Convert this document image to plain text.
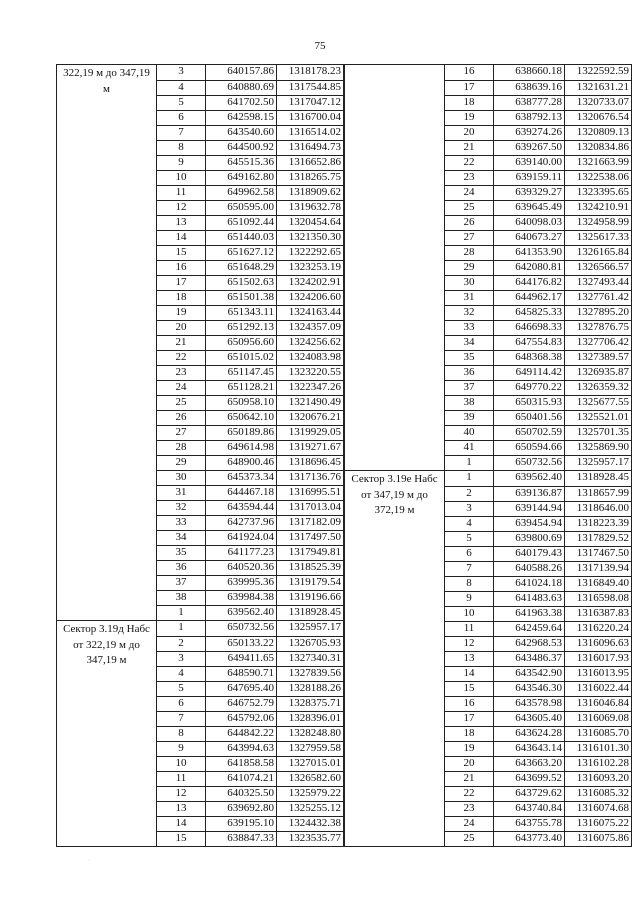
75
322,19 м до 347,19 м	3	640157.86	1318178.23
	4	640880.69	1317544.85
	5	641702.50	1317047.12
	6	642598.15	1316700.04
	7	643540.60	1316514.02
	8	644500.92	1316494.73
	9	645515.36	1316652.86
	10	649162.80	1318265.75
	11	649962.58	1318909.62
	12	650595.00	1319632.78
	13	651092.44	1320454.64
	14	651440.03	1321350.30
	15	651627.12	1322292.65
	16	651648.29	1323253.19
	17	651502.63	1324202.91
	18	651501.38	1324206.60
	19	651343.11	1324163.44
	20	651292.13	1324357.09
	21	650956.60	1324256.62
	22	651015.02	1324083.98
	23	651147.45	1323220.55
	24	651128.21	1322347.26
	25	650958.10	1321490.49
	26	650642.10	1320676.21
	27	650189.86	1319929.05
	28	649614.98	1319271.67
	29	648900.46	1318696.45
	30	645373.34	1317136.76
	31	644467.18	1316995.51
	32	643594.44	1317013.04
	33	642737.96	1317182.09
	34	641924.04	1317497.50
	35	641177.23	1317949.81
	36	640520.36	1318525.39
	37	639995.36	1319179.54
	38	639984.38	1319196.66
	1	639562.40	1318928.45

Сектор 3.19д Набс от 322,19 м до 347,19 м	1	650732.56	1325957.17
	2	650133.22	1326705.93
	3	649411.65	1327340.31
	4	648590.71	1327839.56
	5	647695.40	1328188.26
	6	646752.79	1328375.71
	7	645792.06	1328396.01
	8	644842.22	1328248.80
	9	643994.63	1327959.58
	10	641858.58	1327015.01
	11	641074.21	1326582.60
	12	640325.50	1325979.22
	13	639692.80	1325255.12
	14	639195.10	1324432.38
	15	638847.33	1323535.77
	16	638660.18	1322592.59
	17	638639.16	1321631.21
	18	638777.28	1320733.07
	19	638792.13	1320676.54
	20	639274.26	1320809.13
	21	639267.50	1320834.86
	22	639140.00	1321663.99
	23	639159.11	1322538.06
	24	639329.27	1323395.65
	25	639645.49	1324210.91
	26	640098.03	1324958.99
	27	640673.27	1325617.33
	28	641353.90	1326165.84
	29	642080.81	1326566.57
	30	644176.82	1327493.44
	31	644962.17	1327761.42
	32	645825.33	1327895.20
	33	646698.33	1327876.75
	34	647554.83	1327706.42
	35	648368.38	1327389.57
	36	649114.42	1326935.87
	37	649770.22	1326359.32
	38	650315.93	1325677.55
	39	650401.56	1325521.01
	40	650702.59	1325701.35
	41	650594.66	1325869.90
	1	650732.56	1325957.17

Сектор 3.19е Набс от 347,19 м до 372,19 м	1	639562.40	1318928.45
	2	639136.87	1318657.99
	3	639144.94	1318646.00
	4	639454.94	1318223.39
	5	639800.69	1317829.52
	6	640179.43	1317467.50
	7	640588.26	1317139.94
	8	641024.18	1316849.40
	9	641483.63	1316598.08
	10	641963.38	1316387.83
	11	642459.64	1316220.24
	12	642968.53	1316096.63
	13	643486.37	1316017.93
	14	643542.90	1316013.95
	15	643546.30	1316022.44
	16	643578.98	1316046.84
	17	643605.40	1316069.08
	18	643624.28	1316085.70
	19	643643.14	1316101.30
	20	643663.20	1316102.28
	21	643699.52	1316093.20
	22	643729.62	1316085.32
	23	643740.84	1316074.68
	24	643755.78	1316075.22
	25	643773.40	1316075.86
·
